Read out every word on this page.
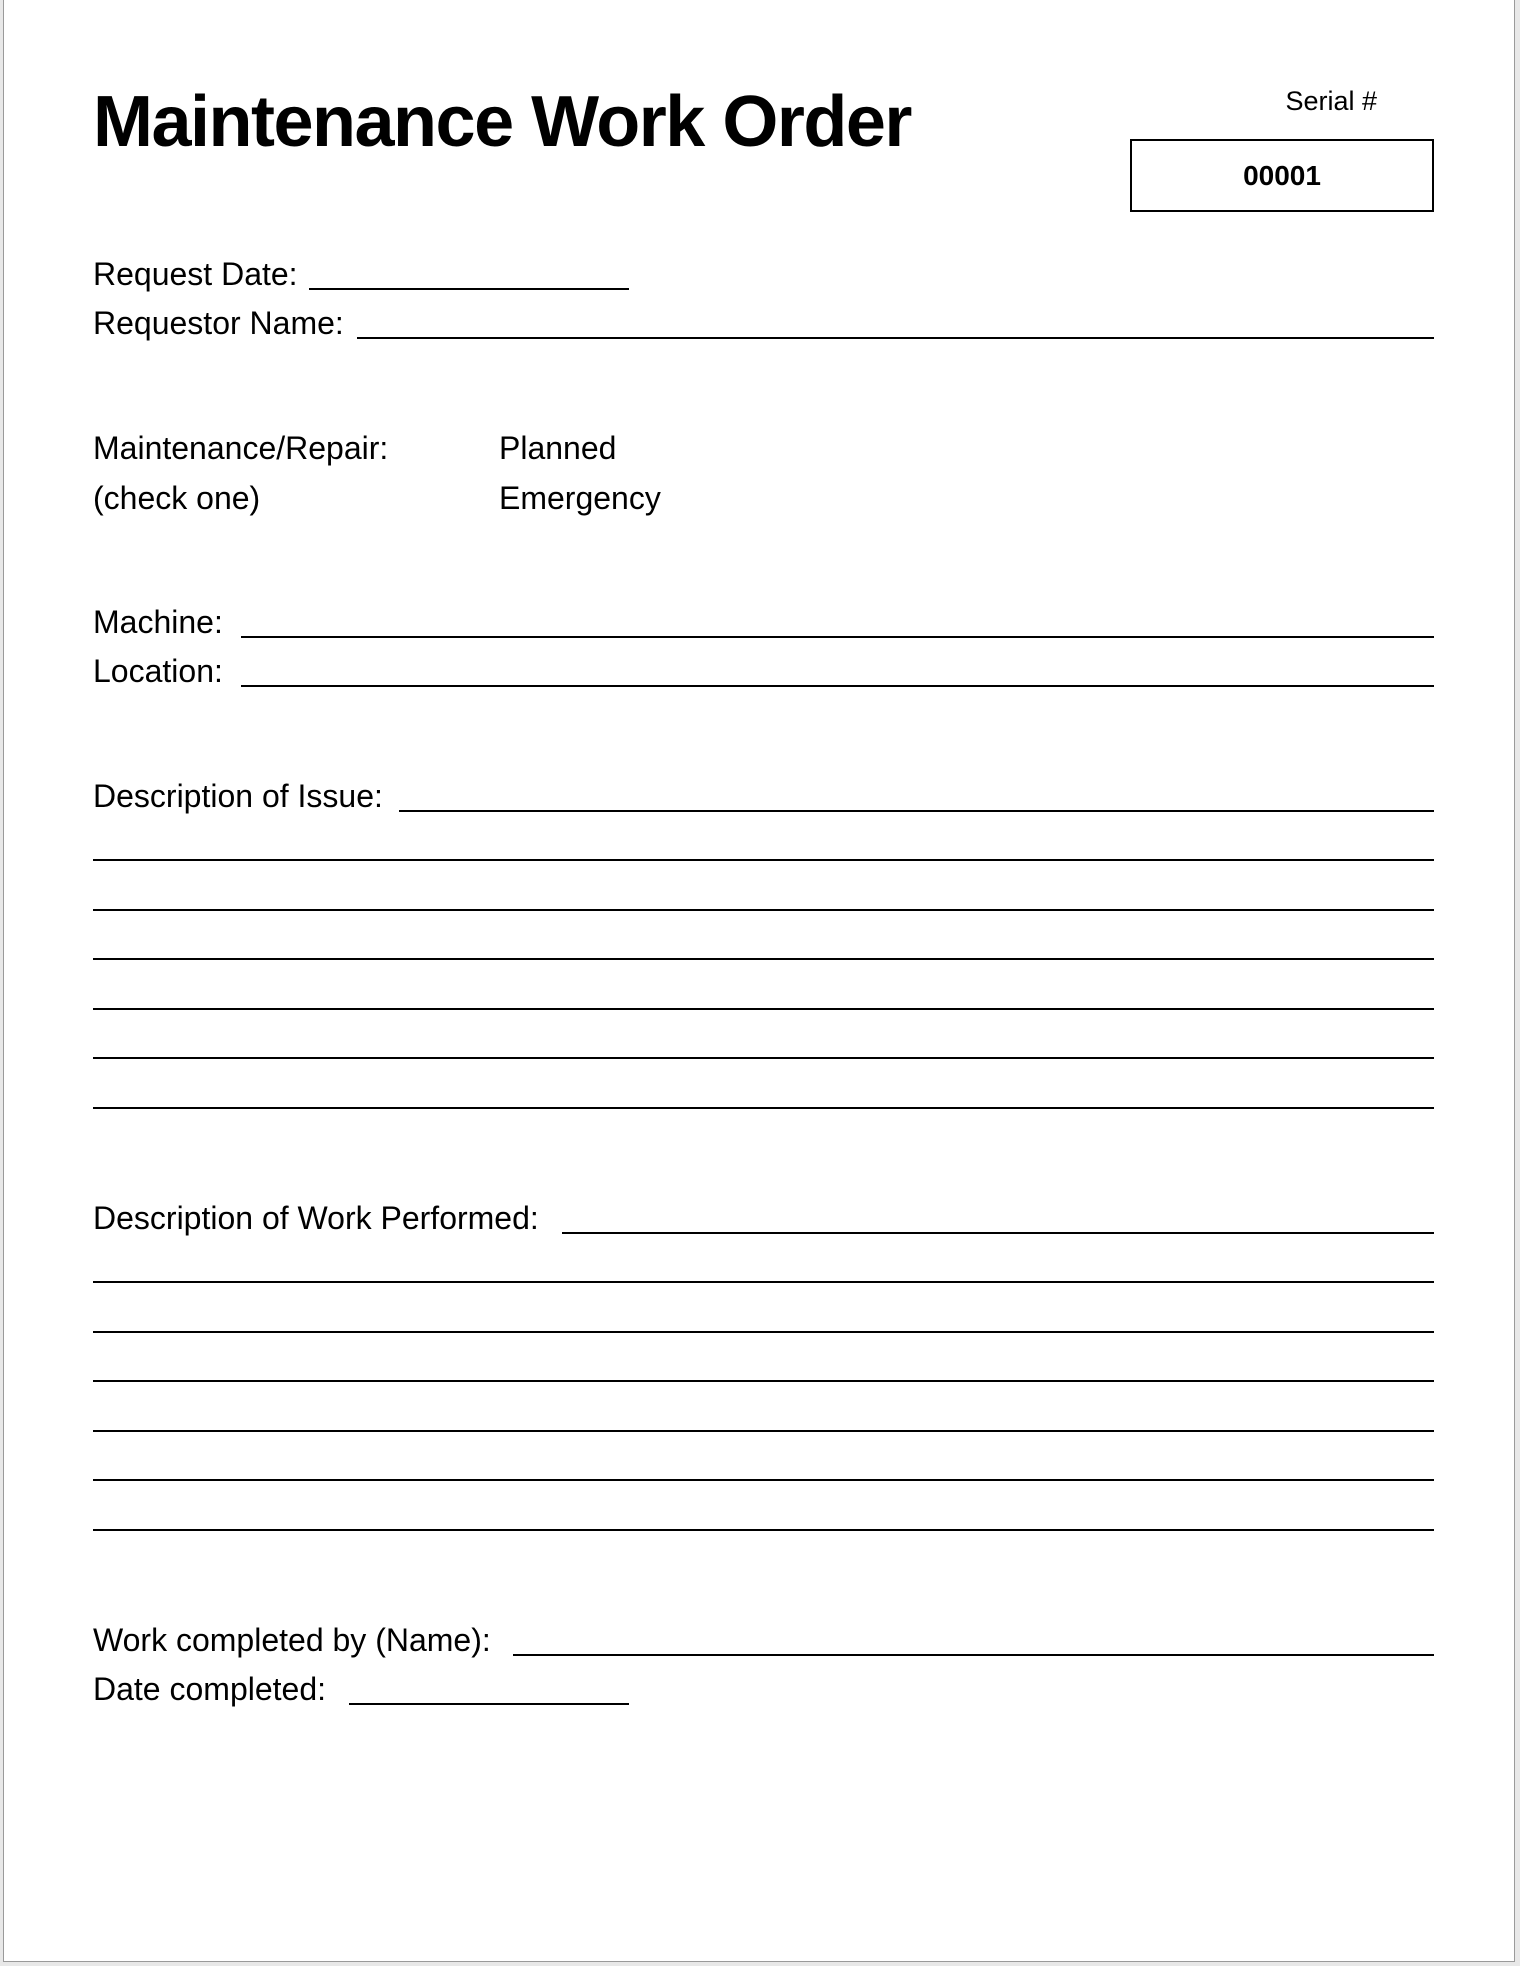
Maintenance Work Order	Serial #
00001
Request Date:
Requestor Name:
Maintenance/Repair:
(check one)
Planned
Emergency
Machine:
Location:
Description of Issue:
Description of Work Performed:
Work completed by (Name):
Date completed:
